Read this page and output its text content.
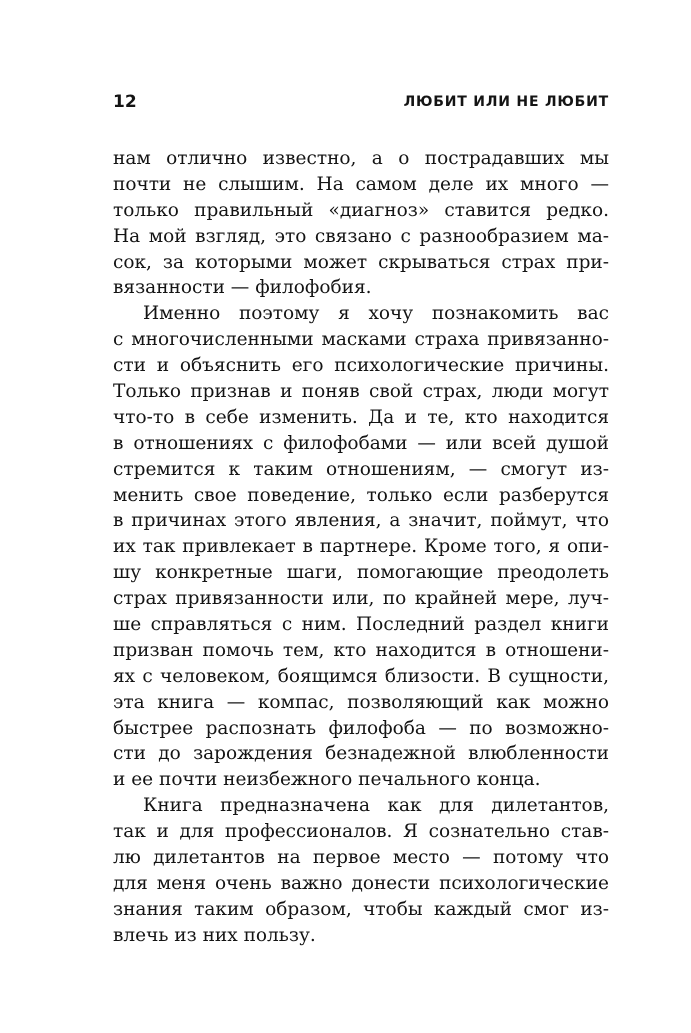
12	ЛЮБИТ ИЛИ НЕ ЛЮБИТ
нам отлично известно, а о пострадавших мы
почти не слышим. На самом деле их много —
только правильный «диагноз» ставится редко.
На мой взгляд, это связано с разнообразием ма-
сок, за которыми может скрываться страх при-
вязанности — филофобия.
Именно поэтому я хочу познакомить вас
с многочисленными масками страха привязанно-
сти и объяснить его психологические причины.
Только признав и поняв свой страх, люди могут
что-то в себе изменить. Да и те, кто находится
в отношениях с филофобами — или всей душой
стремится к таким отношениям, — смогут из-
менить свое поведение, только если разберутся
в причинах этого явления, а значит, поймут, что
их так привлекает в партнере. Кроме того, я опи-
шу конкретные шаги, помогающие преодолеть
страх привязанности или, по крайней мере, луч-
ше справляться с ним. Последний раздел книги
призван помочь тем, кто находится в отношени-
ях с человеком, боящимся близости. В сущности,
эта книга — компас, позволяющий как можно
быстрее распознать филофоба — по возможно-
сти до зарождения безнадежной влюбленности
и ее почти неизбежного печального конца.
Книга предназначена как для дилетантов,
так и для профессионалов. Я сознательно став-
лю дилетантов на первое место — потому что
для меня очень важно донести психологические
знания таким образом, чтобы каждый смог из-
влечь из них пользу.
